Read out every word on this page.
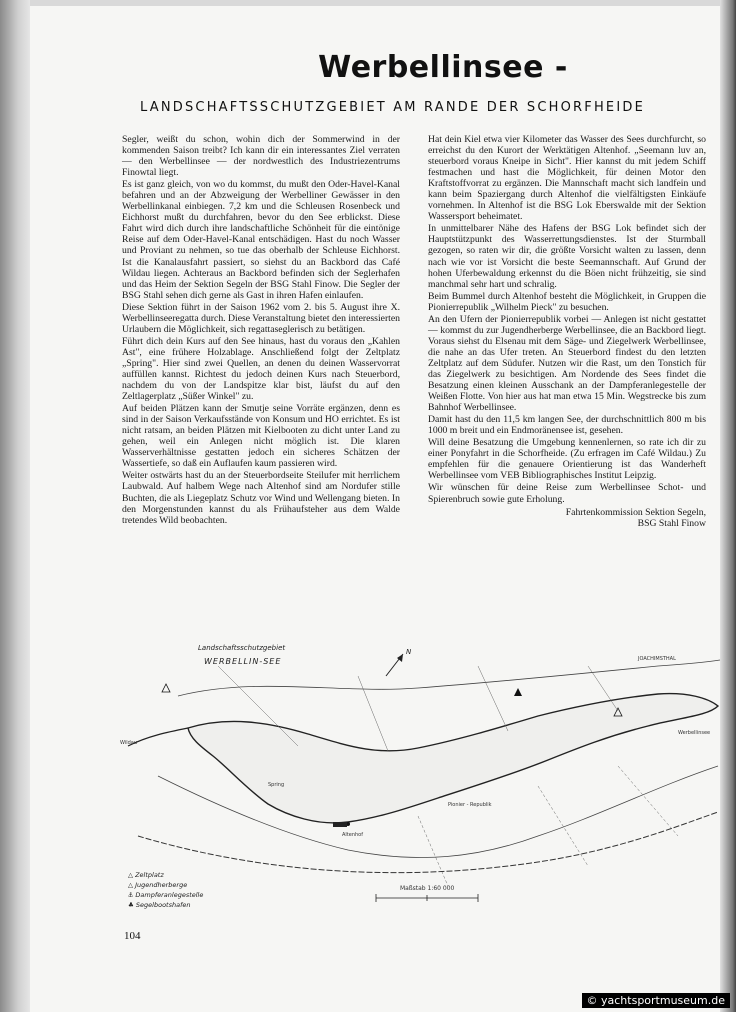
Werbellinsee -
LANDSCHAFTSSCHUTZGEBIET AM RANDE DER SCHORFHEIDE

Segler, weißt du schon, wohin dich der Sommerwind in der kommenden Saison treibt? Ich kann dir ein interessantes Ziel verraten — den Werbellinsee — der nordwestlich des Industriezentrums Finowtal liegt.

Es ist ganz gleich, von wo du kommst, du mußt den Oder-Havel-Kanal befahren und an der Abzweigung der Werbelliner Gewässer in den Werbellinkanal einbiegen. 7,2 km und die Schleusen Rosenbeck und Eichhorst mußt du durchfahren, bevor du den See erblickst. Diese Fahrt wird dich durch ihre landschaftliche Schönheit für die eintönige Reise auf dem Oder-Havel-Kanal entschädigen. Hast du noch Wasser und Proviant zu nehmen, so tue das oberhalb der Schleuse Eichhorst. Ist die Kanalausfahrt passiert, so siehst du an Backbord das Café Wildau liegen. Achteraus an Backbord befinden sich der Seglerhafen und das Heim der Sektion Segeln der BSG Stahl Finow. Die Segler der BSG Stahl sehen dich gerne als Gast in ihren Hafen einlaufen.

Diese Sektion führt in der Saison 1962 vom 2. bis 5. August ihre X. Werbellinseeregatta durch. Diese Veranstaltung bietet den interessierten Urlaubern die Möglichkeit, sich regattaseglerisch zu betätigen.

Führt dich dein Kurs auf den See hinaus, hast du voraus den „Kahlen Ast", eine frühere Holzablage. Anschließend folgt der Zeltplatz „Spring". Hier sind zwei Quellen, an denen du deinen Wasservorrat auffüllen kannst. Richtest du jedoch deinen Kurs nach Steuerbord, nachdem du von der Landspitze klar bist, läufst du auf den Zeltlagerplatz „Süßer Winkel" zu.

Auf beiden Plätzen kann der Smutje seine Vorräte ergänzen, denn es sind in der Saison Verkaufsstände von Konsum und HO errichtet. Es ist nicht ratsam, an beiden Plätzen mit Kielbooten zu dicht unter Land zu gehen, weil ein Anlegen nicht möglich ist. Die klaren Wasserverhältnisse gestatten jedoch ein sicheres Schätzen der Wassertiefe, so daß ein Auflaufen kaum passieren wird.

Weiter ostwärts hast du an der Steuerbordseite Steilufer mit herrlichem Laubwald. Auf halbem Wege nach Altenhof sind am Nordufer stille Buchten, die als Liegeplatz Schutz vor Wind und Wellengang bieten. In den Morgenstunden kannst du als Frühaufsteher aus dem Walde tretendes Wild beobachten.

Hat dein Kiel etwa vier Kilometer das Wasser des Sees durchfurcht, so erreichst du den Kurort der Werktätigen Altenhof. „Seemann luv an, steuerbord voraus Kneipe in Sicht". Hier kannst du mit jedem Schiff festmachen und hast die Möglichkeit, für deinen Motor den Kraftstoffvorrat zu ergänzen. Die Mannschaft macht sich landfein und kann beim Spaziergang durch Altenhof die vielfältigsten Einkäufe vornehmen. In Altenhof ist die BSG Lok Eberswalde mit der Sektion Wassersport beheimatet.

In unmittelbarer Nähe des Hafens der BSG Lok befindet sich der Hauptstützpunkt des Wasserrettungsdienstes. Ist der Sturmball gezogen, so raten wir dir, die größte Vorsicht walten zu lassen, denn nach wie vor ist Vorsicht die beste Seemannschaft. Auf Grund der hohen Uferbewaldung erkennst du die Böen nicht frühzeitig, sie sind manchmal sehr hart und schralig.

Beim Bummel durch Altenhof besteht die Möglichkeit, in Gruppen die Pionierrepublik „Wilhelm Pieck" zu besuchen.

An den Ufern der Pionierrepublik vorbei — Anlegen ist nicht gestattet — kommst du zur Jugendherberge Werbellinsee, die an Backbord liegt. Voraus siehst du Elsenau mit dem Säge- und Ziegelwerk Werbellinsee, die nahe an das Ufer treten. An Steuerbord findest du den letzten Zeltplatz auf dem Südufer. Nutzen wir die Rast, um den Tonstich für das Ziegelwerk zu besichtigen. Am Nordende des Sees findet die Besatzung einen kleinen Ausschank an der Dampferanlegestelle der Weißen Flotte. Von hier aus hat man etwa 15 Min. Wegstrecke bis zum Bahnhof Werbellinsee.

Damit hast du den 11,5 km langen See, der durchschnittlich 800 m bis 1000 m breit und ein Endmoränensee ist, gesehen.

Will deine Besatzung die Umgebung kennenlernen, so rate ich dir zu einer Ponyfahrt in die Schorfheide. (Zu erfragen im Café Wildau.) Zu empfehlen für die genauere Orientierung ist das Wanderheft Werbellinsee vom VEB Bibliographisches Institut Leipzig.

Wir wünschen für deine Reise zum Werbellinsee Schot- und Spierenbruch sowie gute Erholung.

Fahrtenkommission Sektion Segeln,
BSG Stahl Finow
N
Landschaftsschutzgebiet
WERBELLIN-SEE
Wildau
Altenhof
JOACHIMSTHAL
Pionier - Republik
Spring
Werbellinsee
△ Zeltplatz
△ Jugendherberge
⚓ Dampferanlegestelle
♣ Segelbootshafen
Maßstab 1:60 000
104
© yachtsportmuseum.de
